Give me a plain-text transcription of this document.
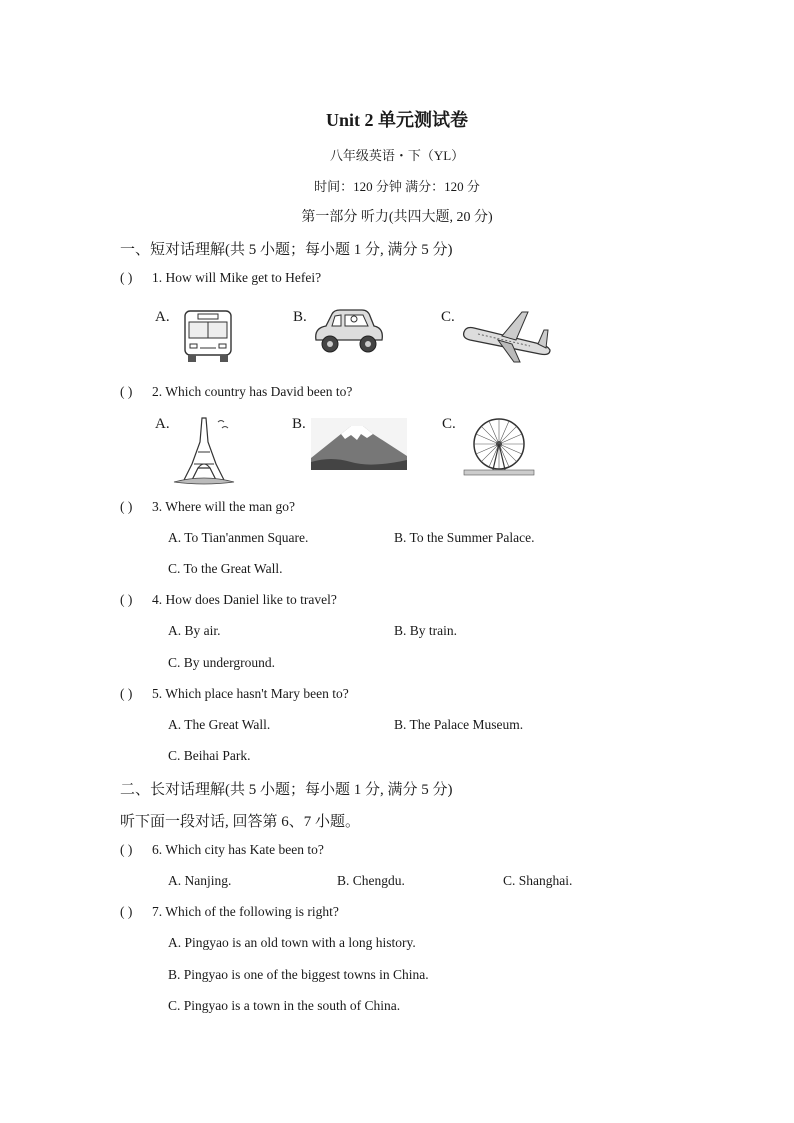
Unit 2 单元测试卷
八年级英语・下（YL）
时间：120 分钟 满分：120 分
第一部分 听力(共四大题, 20 分)
一、短对话理解(共 5 小题；每小题 1 分, 满分 5 分)
( ) 1. How will Mike get to Hefei?
A.	B.	C.
( ) 2. Which country has David been to?
A.	B.	C.
( ) 3. Where will the man go?
A. To Tian'anmen Square.	B. To the Summer Palace.
C. To the Great Wall.
( ) 4. How does Daniel like to travel?
A. By air.	B. By train.
C. By underground.
( ) 5. Which place hasn't Mary been to?
A. The Great Wall.	B. The Palace Museum.
C. Beihai Park.
二、长对话理解(共 5 小题；每小题 1 分, 满分 5 分)
听下面一段对话, 回答第 6、7 小题。
( ) 6. Which city has Kate been to?
A. Nanjing.	B. Chengdu.	C. Shanghai.
( ) 7. Which of the following is right?
A. Pingyao is an old town with a long history.
B. Pingyao is one of the biggest towns in China.
C. Pingyao is a town in the south of China.
